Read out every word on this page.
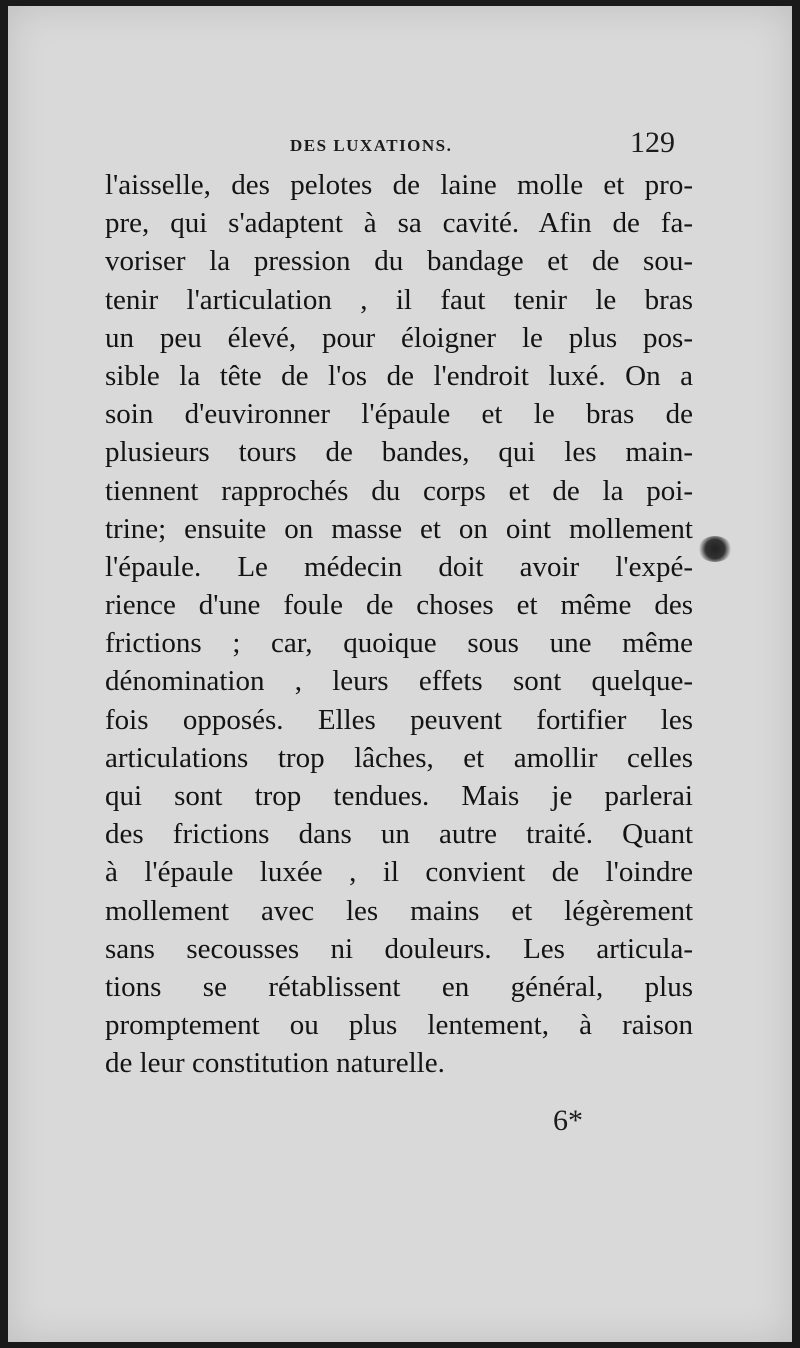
DES LUXATIONS.	129
l'aisselle, des pelotes de laine molle et pro-
pre, qui s'adaptent à sa cavité. Afin de fa-
voriser la pression du bandage et de sou-
tenir l'articulation , il faut tenir le bras
un peu élevé, pour éloigner le plus pos-
sible la tête de l'os de l'endroit luxé. On a
soin d'euvironner l'épaule et le bras de
plusieurs tours de bandes, qui les main-
tiennent rapprochés du corps et de la poi-
trine; ensuite on masse et on oint mollement
l'épaule. Le médecin doit avoir l'expé-
rience d'une foule de choses et même des
frictions ; car, quoique sous une même
dénomination , leurs effets sont quelque-
fois opposés. Elles peuvent fortifier les
articulations trop lâches, et amollir celles
qui sont trop tendues. Mais je parlerai
des frictions dans un autre traité. Quant
à l'épaule luxée , il convient de l'oindre
mollement avec les mains et légèrement
sans secousses ni douleurs. Les articula-
tions se rétablissent en général, plus
promptement ou plus lentement, à raison
de leur constitution naturelle.
6*
